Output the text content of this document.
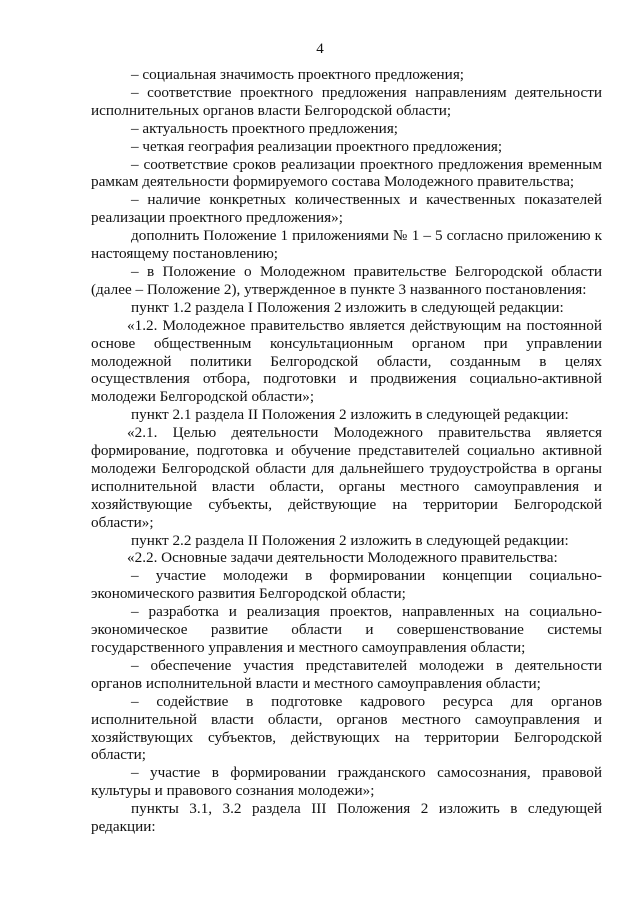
4

– социальная значимость проектного предложения;

– соответствие проектного предложения направлениям деятельности исполнительных органов власти Белгородской области;

– актуальность проектного предложения;

– четкая география реализации проектного предложения;

– соответствие сроков реализации проектного предложения временным рамкам деятельности формируемого состава Молодежного правительства;

– наличие конкретных количественных и качественных показателей реализации проектного предложения»;

дополнить Положение 1 приложениями № 1 – 5 согласно приложению к настоящему постановлению;

– в Положение о Молодежном правительстве Белгородской области (далее – Положение 2), утвержденное в пункте 3 названного постановления:

пункт 1.2 раздела I Положения 2 изложить в следующей редакции:

«1.2. Молодежное правительство является действующим на постоянной основе общественным консультационным органом при управлении молодежной политики Белгородской области, созданным в целях осуществления отбора, подготовки и продвижения социально-активной молодежи Белгородской области»;

пункт 2.1 раздела II Положения 2 изложить в следующей редакции:

«2.1. Целью деятельности Молодежного правительства является формирование, подготовка и обучение представителей социально активной молодежи Белгородской области для дальнейшего трудоустройства в органы исполнительной власти области, органы местного самоуправления и хозяйствующие субъекты, действующие на территории Белгородской области»;

пункт 2.2 раздела II Положения 2 изложить в следующей редакции:

«2.2. Основные задачи деятельности Молодежного правительства:

– участие молодежи в формировании концепции социально-экономического развития Белгородской области;

– разработка и реализация проектов, направленных на социально-экономическое развитие области и совершенствование системы государственного управления и местного самоуправления области;

– обеспечение участия представителей молодежи в деятельности органов исполнительной власти и местного самоуправления области;

– содействие в подготовке кадрового ресурса для органов исполнительной власти области, органов местного самоуправления и хозяйствующих субъектов, действующих на территории Белгородской области;

– участие в формировании гражданского самосознания, правовой культуры и правового сознания молодежи»;

пункты 3.1, 3.2 раздела III Положения 2 изложить в следующей редакции:
